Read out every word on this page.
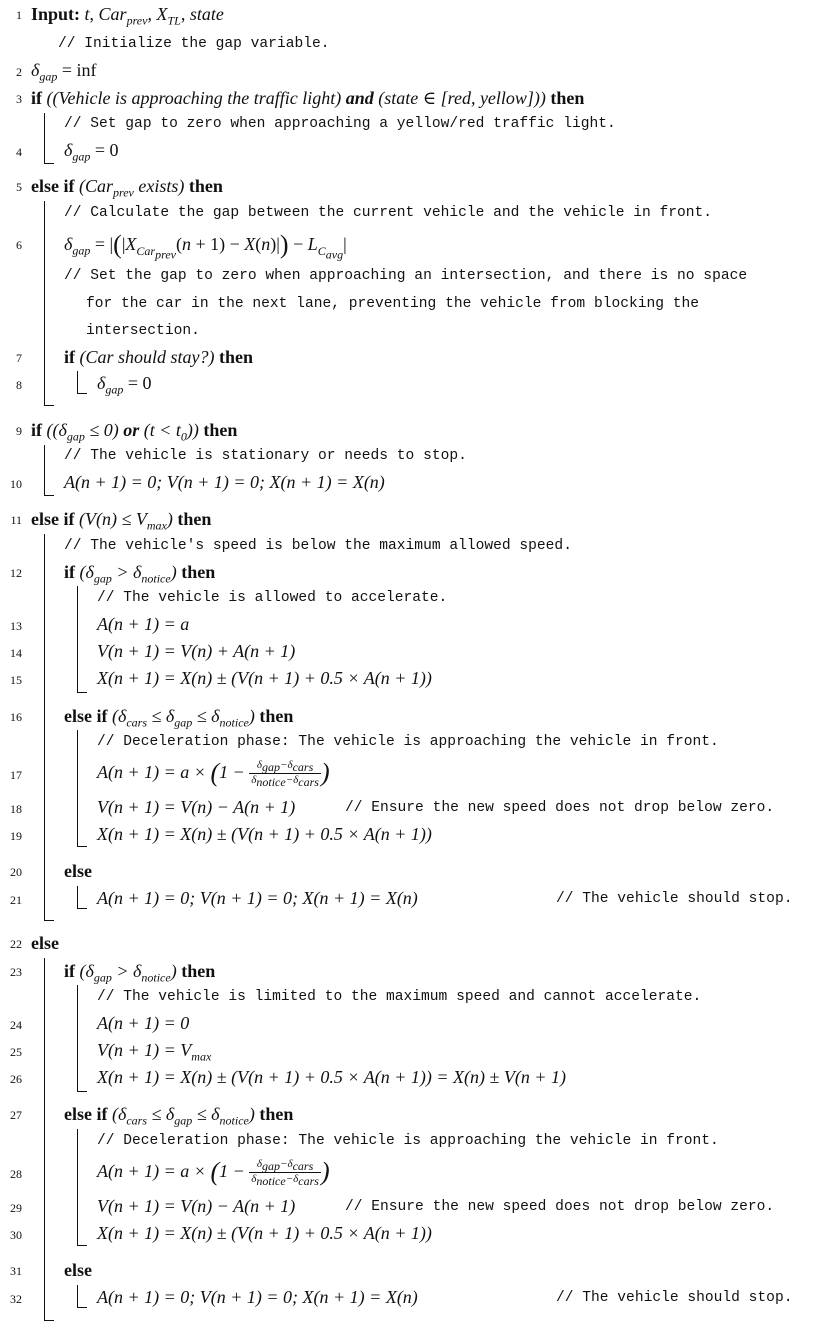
1 Input: t, Car$_{prev}$, $X_{TL}$, state
// Initialize the gap variable.
2 $\delta_{gap}$ = inf
3 if ((Vehicle is approaching the traffic light) and (state ∈ [red, yellow])) then
// Set gap to zero when approaching a yellow/red traffic light.
4 $\delta_{gap} = 0$
5 else if (Car$_{prev}$ exists) then
// Calculate the gap between the current vehicle and the vehicle in front.
6 $\delta_{gap} = |(|X_{Car_{prev}}(n + 1) - X(n)|) - L_{C_{avg}}|$
// Set the gap to zero when approaching an intersection, and there is no space
for the car in the next lane, preventing the vehicle from blocking the
intersection.
7 if (Car should stay?) then
8	$\delta_{gap} = 0$
9 if ($(\delta_{gap} \le 0)$ or $(t < t_0)$) then
// The vehicle is stationary or needs to stop.
10 A(n + 1) = 0; V(n + 1) = 0; X(n + 1) = X(n)
11 else if $(V(n) \le V_{max})$ then
// The vehicle's speed is below the maximum allowed speed.
12 if $(\delta_{gap} > \delta_{notice})$ then
// The vehicle is allowed to accelerate.
13	A(n + 1) = a
14	V(n + 1) = V(n) + A(n + 1)
15	X(n + 1) = X(n) ± (V(n + 1) + 0.5 × A(n + 1))
16 else if $(\delta_{cars} \le \delta_{gap} \le \delta_{notice})$ then
// Deceleration phase: The vehicle is approaching the vehicle in front.
17	$A(n + 1) = a \times (1 - \frac{\delta_{gap}-\delta_{cars}}{\delta_{notice}-\delta_{cars}}$ )
18	V(n + 1) = V(n) − A(n + 1)	// Ensure the new speed does not drop below zero.
19	X(n + 1) = X(n) ± (V(n + 1) + 0.5 × A(n + 1))
20 else
21	A(n + 1) = 0; V(n + 1) = 0; X(n + 1) = X(n)	// The vehicle should stop.
22 else
23 if $(\delta_{gap} > \delta_{notice})$ then
// The vehicle is limited to the maximum speed and cannot accelerate.
24	A(n + 1) = 0
25	$V(n + 1) = V_{max}$
26	X(n + 1) = X(n) ± (V(n + 1) + 0.5 × A(n + 1)) = X(n) ± V(n + 1)
27 else if $(\delta_{cars} \le \delta_{gap} \le \delta_{notice})$ then
// Deceleration phase: The vehicle is approaching the vehicle in front.
28	$A(n + 1) = a \times (1 - \frac{\delta_{gap}-\delta_{cars}}{\delta_{notice}-\delta_{cars}}$ )
29	V(n + 1) = V(n) − A(n + 1)	// Ensure the new speed does not drop below zero.
30	X(n + 1) = X(n) ± (V(n + 1) + 0.5 × A(n + 1))
31 else
32	A(n + 1) = 0; V(n + 1) = 0; X(n + 1) = X(n)	// The vehicle should stop.
